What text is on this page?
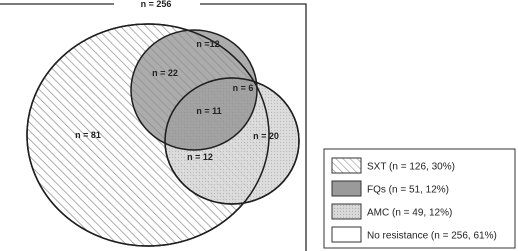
n = 256
n = 81
n = 22
n =12
n = 6
n = 11
n = 20
n = 12
SXT (n = 126, 30%)
FQs (n = 51, 12%)
AMC (n = 49, 12%)
No resistance (n = 256, 61%)
